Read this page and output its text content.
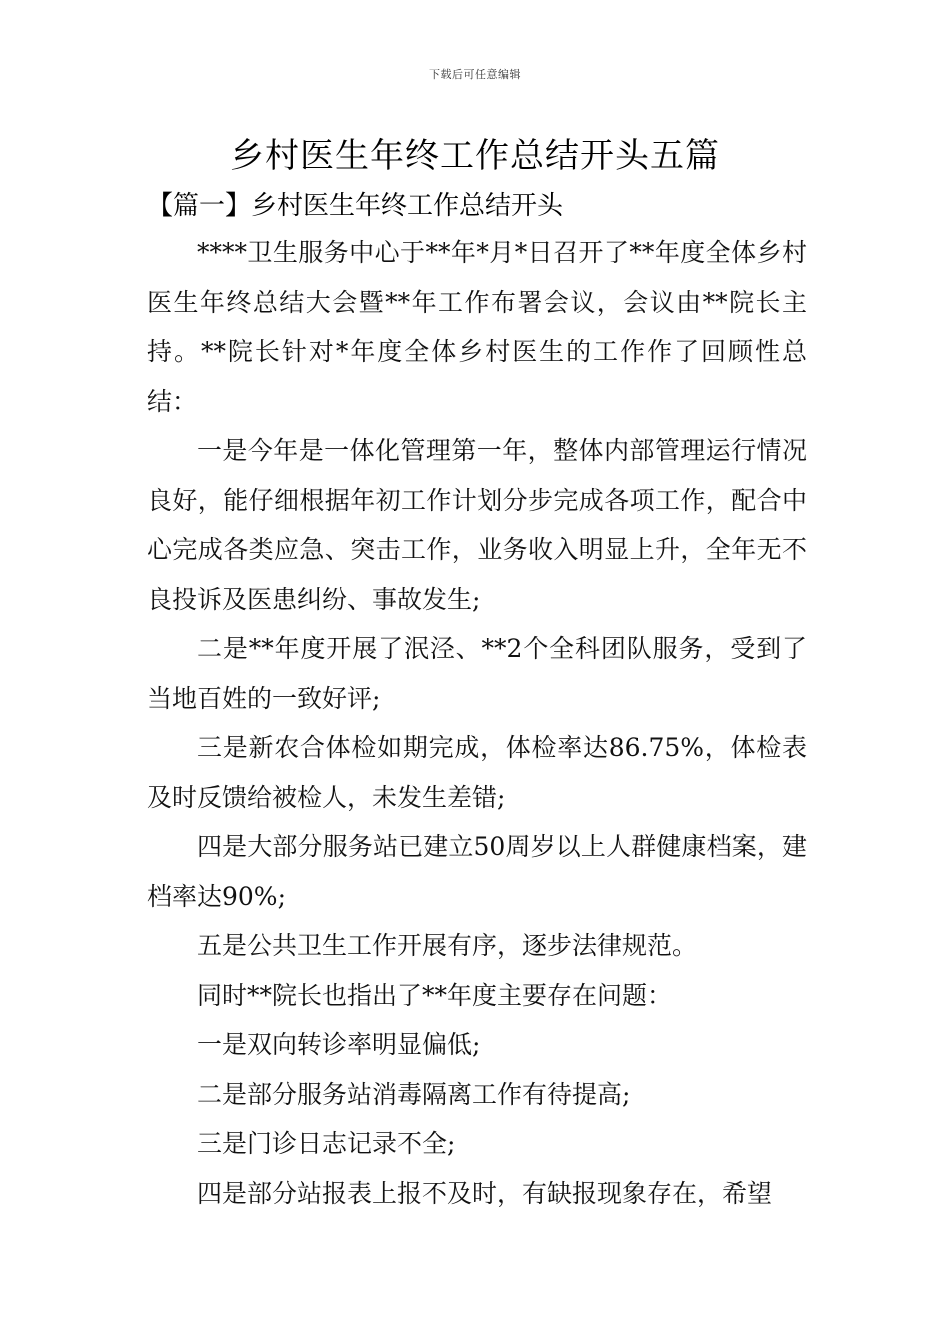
下载后可任意编辑
乡村医生年终工作总结开头五篇
【篇一】乡村医生年终工作总结开头

****卫生服务中心于**年*月*日召开了**年度全体乡村医生年终总结大会暨**年工作布署会议，会议由**院长主持。**院长针对*年度全体乡村医生的工作作了回顾性总结：

一是今年是一体化管理第一年，整体内部管理运行情况良好，能仔细根据年初工作计划分步完成各项工作，配合中心完成各类应急、突击工作，业务收入明显上升，全年无不良投诉及医患纠纷、事故发生;

二是**年度开展了泯泾、**2个全科团队服务，受到了当地百姓的一致好评;

三是新农合体检如期完成，体检率达86.75%，体检表及时反馈给被检人，未发生差错;

四是大部分服务站已建立50周岁以上人群健康档案，建档率达90%;

五是公共卫生工作开展有序，逐步法律规范。

同时**院长也指出了**年度主要存在问题：

一是双向转诊率明显偏低;

二是部分服务站消毒隔离工作有待提高;

三是门诊日志记录不全;

四是部分站报表上报不及时，有缺报现象存在，希望
